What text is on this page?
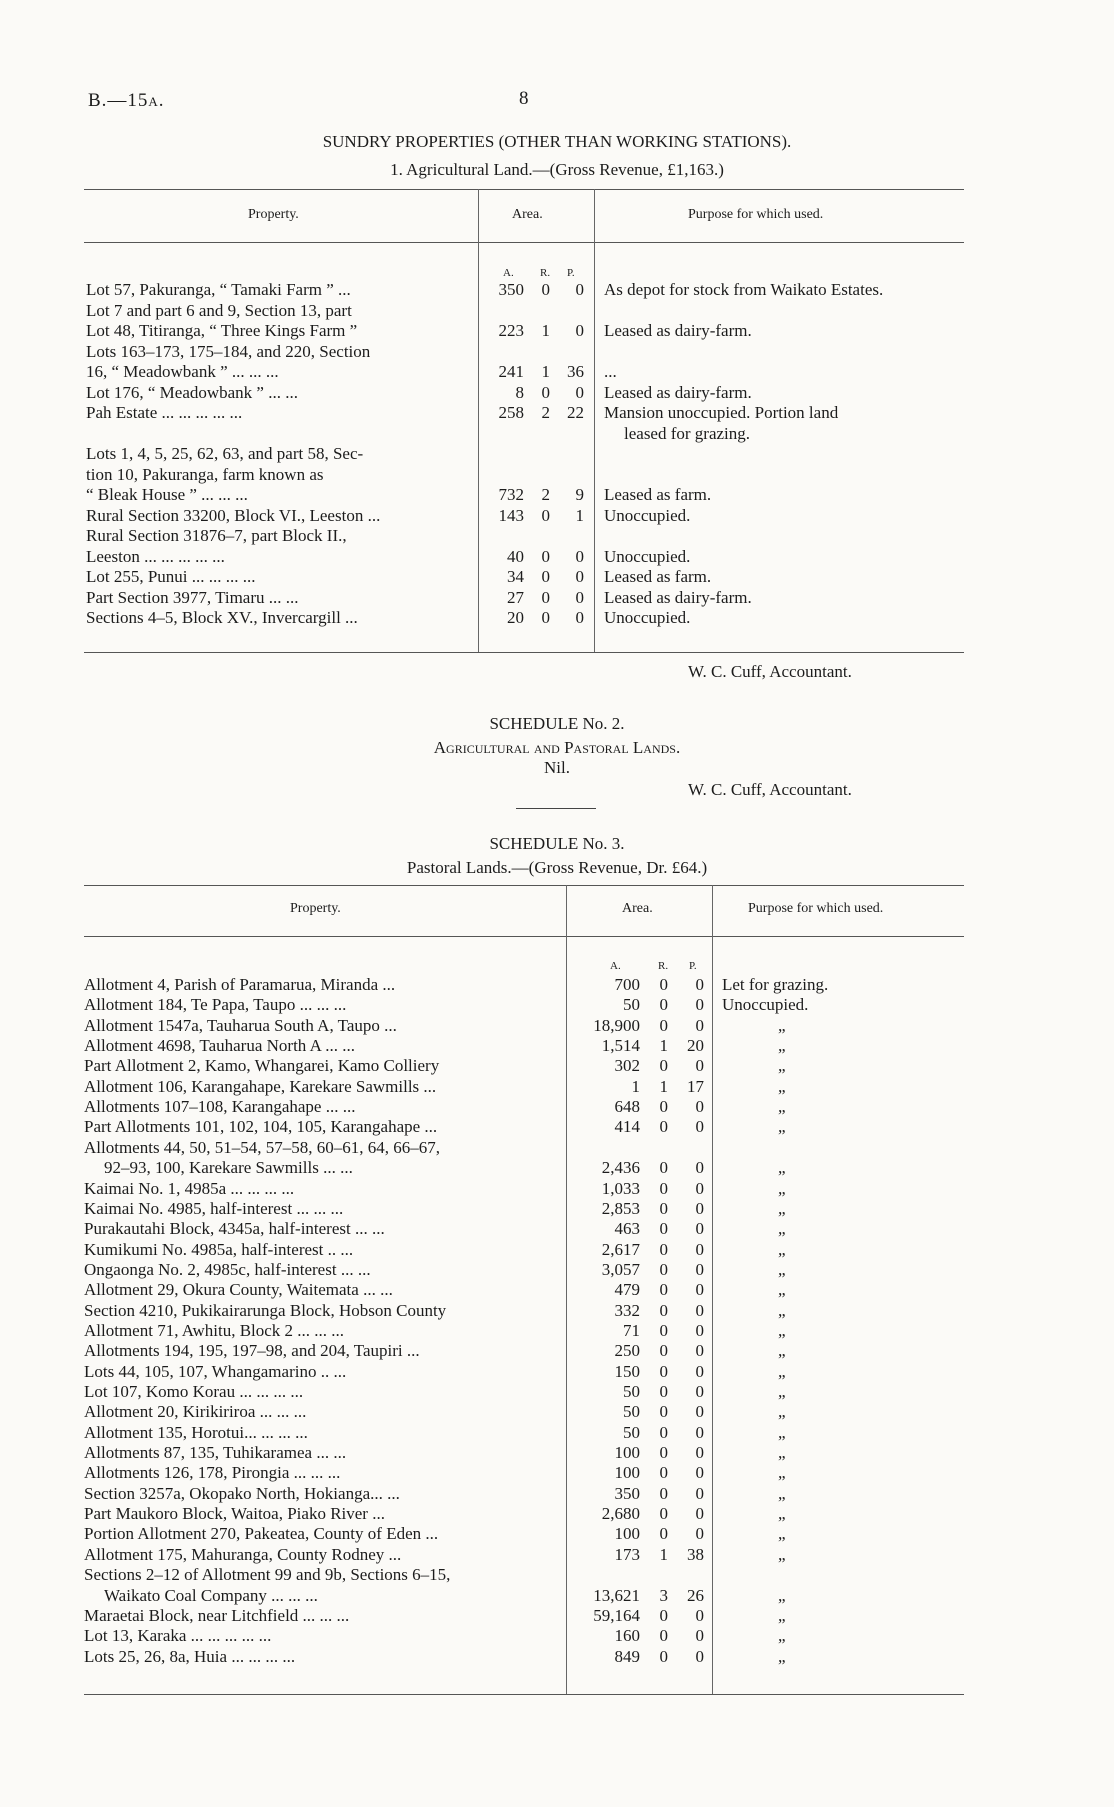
B.—15a.	8
SUNDRY PROPERTIES (OTHER THAN WORKING STATIONS).
1. Agricultural Land.—(Gross Revenue, £1,163.)
Property.	Area.	Purpose for which used.
A. R. P.
Lot 57, Pakuranga, “ Tamaki Farm ” ...	350	0	0 As depot for stock from Waikato Estates.
Lot 7 and part 6 and 9, Section 13, part
Lot 48, Titiranga, “ Three Kings Farm ”	223	1	0 Leased as dairy-farm.
Lots 163–173, 175–184, and 220, Section
16, “ Meadowbank ” ... ... ...	241	1	36 ...
Lot 176, “ Meadowbank ” ... ...	8	0	0 Leased as dairy-farm.
Pah Estate ... ... ... ... ...	258	2	22 Mansion unoccupied. Portion land
leased for grazing.
Lots 1, 4, 5, 25, 62, 63, and part 58, Sec-
tion 10, Pakuranga, farm known as
“ Bleak House ” ... ... ...	732	2	9 Leased as farm.
Rural Section 33200, Block VI., Leeston ...	143	0	1 Unoccupied.
Rural Section 31876–7, part Block II.,
Leeston ... ... ... ... ...	40	0	0 Unoccupied.
Lot 255, Punui ... ... ... ...	34	0	0 Leased as farm.
Part Section 3977, Timaru ... ...	27	0	0 Leased as dairy-farm.
Sections 4–5, Block XV., Invercargill ...	20	0	0 Unoccupied.
W. C. Cuff, Accountant.
SCHEDULE No. 2.
Agricultural and Pastoral Lands.
Nil.
W. C. Cuff, Accountant.
SCHEDULE No. 3.
Pastoral Lands.—(Gross Revenue, Dr. £64.)
Property.	Area.	Purpose for which used.
A.	R. P.
Allotment 4, Parish of Paramarua, Miranda ...	700	0	0 Let for grazing.
Allotment 184, Te Papa, Taupo ... ... ...	50	0	0 Unoccupied.
Allotment 1547a, Tauharua South A, Taupo ...	18,900	0	0	„
Allotment 4698, Tauharua North A ... ...	1,514	1	20	„
Part Allotment 2, Kamo, Whangarei, Kamo Colliery	302	0	0	„
Allotment 106, Karangahape, Karekare Sawmills ...	1	1	17	„
Allotments 107–108, Karangahape ... ...	648	0	0	„
Part Allotments 101, 102, 104, 105, Karangahape ...	414	0	0	„
Allotments 44, 50, 51–54, 57–58, 60–61, 64, 66–67,
92–93, 100, Karekare Sawmills ... ...	2,436	0	0	„
Kaimai No. 1, 4985a ... ... ... ...	1,033	0	0	„
Kaimai No. 4985, half-interest ... ... ...	2,853	0	0	„
Purakautahi Block, 4345a, half-interest ... ...	463	0	0	„
Kumikumi No. 4985a, half-interest .. ...	2,617	0	0	„
Ongaonga No. 2, 4985c, half-interest ... ...	3,057	0	0	„
Allotment 29, Okura County, Waitemata ... ...	479	0	0	„
Section 4210, Pukikairarunga Block, Hobson County	332	0	0	„
Allotment 71, Awhitu, Block 2 ... ... ...	71	0	0	„
Allotments 194, 195, 197–98, and 204, Taupiri ...	250	0	0	„
Lots 44, 105, 107, Whangamarino .. ...	150	0	0	„
Lot 107, Komo Korau ... ... ... ...	50	0	0	„
Allotment 20, Kirikiriroa ... ... ...	50	0	0	„
Allotment 135, Horotui... ... ... ...	50	0	0	„
Allotments 87, 135, Tuhikaramea ... ...	100	0	0	„
Allotments 126, 178, Pirongia ... ... ...	100	0	0	„
Section 3257a, Okopako North, Hokianga... ...	350	0	0	„
Part Maukoro Block, Waitoa, Piako River ...	2,680	0	0	„
Portion Allotment 270, Pakeatea, County of Eden ...	100	0	0	„
Allotment 175, Mahuranga, County Rodney ...	173	1	38	„
Sections 2–12 of Allotment 99 and 9b, Sections 6–15,
Waikato Coal Company ... ... ...	13,621	3	26	„
Maraetai Block, near Litchfield ... ... ...	59,164	0	0	„
Lot 13, Karaka ... ... ... ... ...	160	0	0	„
Lots 25, 26, 8a, Huia ... ... ... ...	849	0	0	„
